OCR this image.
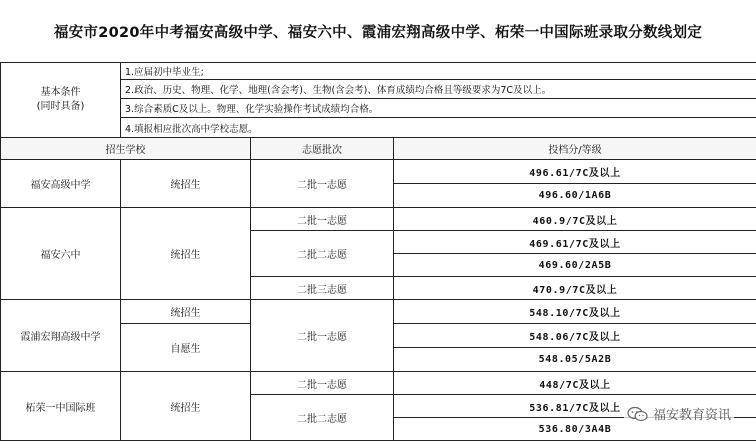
福安市2020年中考福安高级中学、福安六中、霞浦宏翔高级中学、柘荣一中国际班录取分数线划定
基本条件
(同时具备)	1.应届初中毕业生;		
	2.政治、历史、物理、化学、地理(含会考)、生物(含会考)、体育成绩均合格且等级要求为7C及以上。		
	3.综合素质C及以上。物理、化学实验操作考试成绩均合格。		
	4.填报相应批次高中学校志愿。		
招生学校		志愿批次	投档分/等级
福安高级中学	统招生	二批一志愿	496.61/7C及以上
			496.60/1A6B
福安六中	统招生	二批一志愿	460.9/7C及以上
		二批二志愿	469.61/7C及以上
			469.60/2A5B
		二批三志愿	470.9/7C及以上
霞浦宏翔高级中学	统招生	二批一志愿	548.10/7C及以上
	自愿生		548.06/7C及以上
			548.05/5A2B
柘荣一中国际班	统招生	二批一志愿	448/7C及以上
		二批二志愿	536.81/7C及以上
			536.80/3A4B
福安教育资讯
